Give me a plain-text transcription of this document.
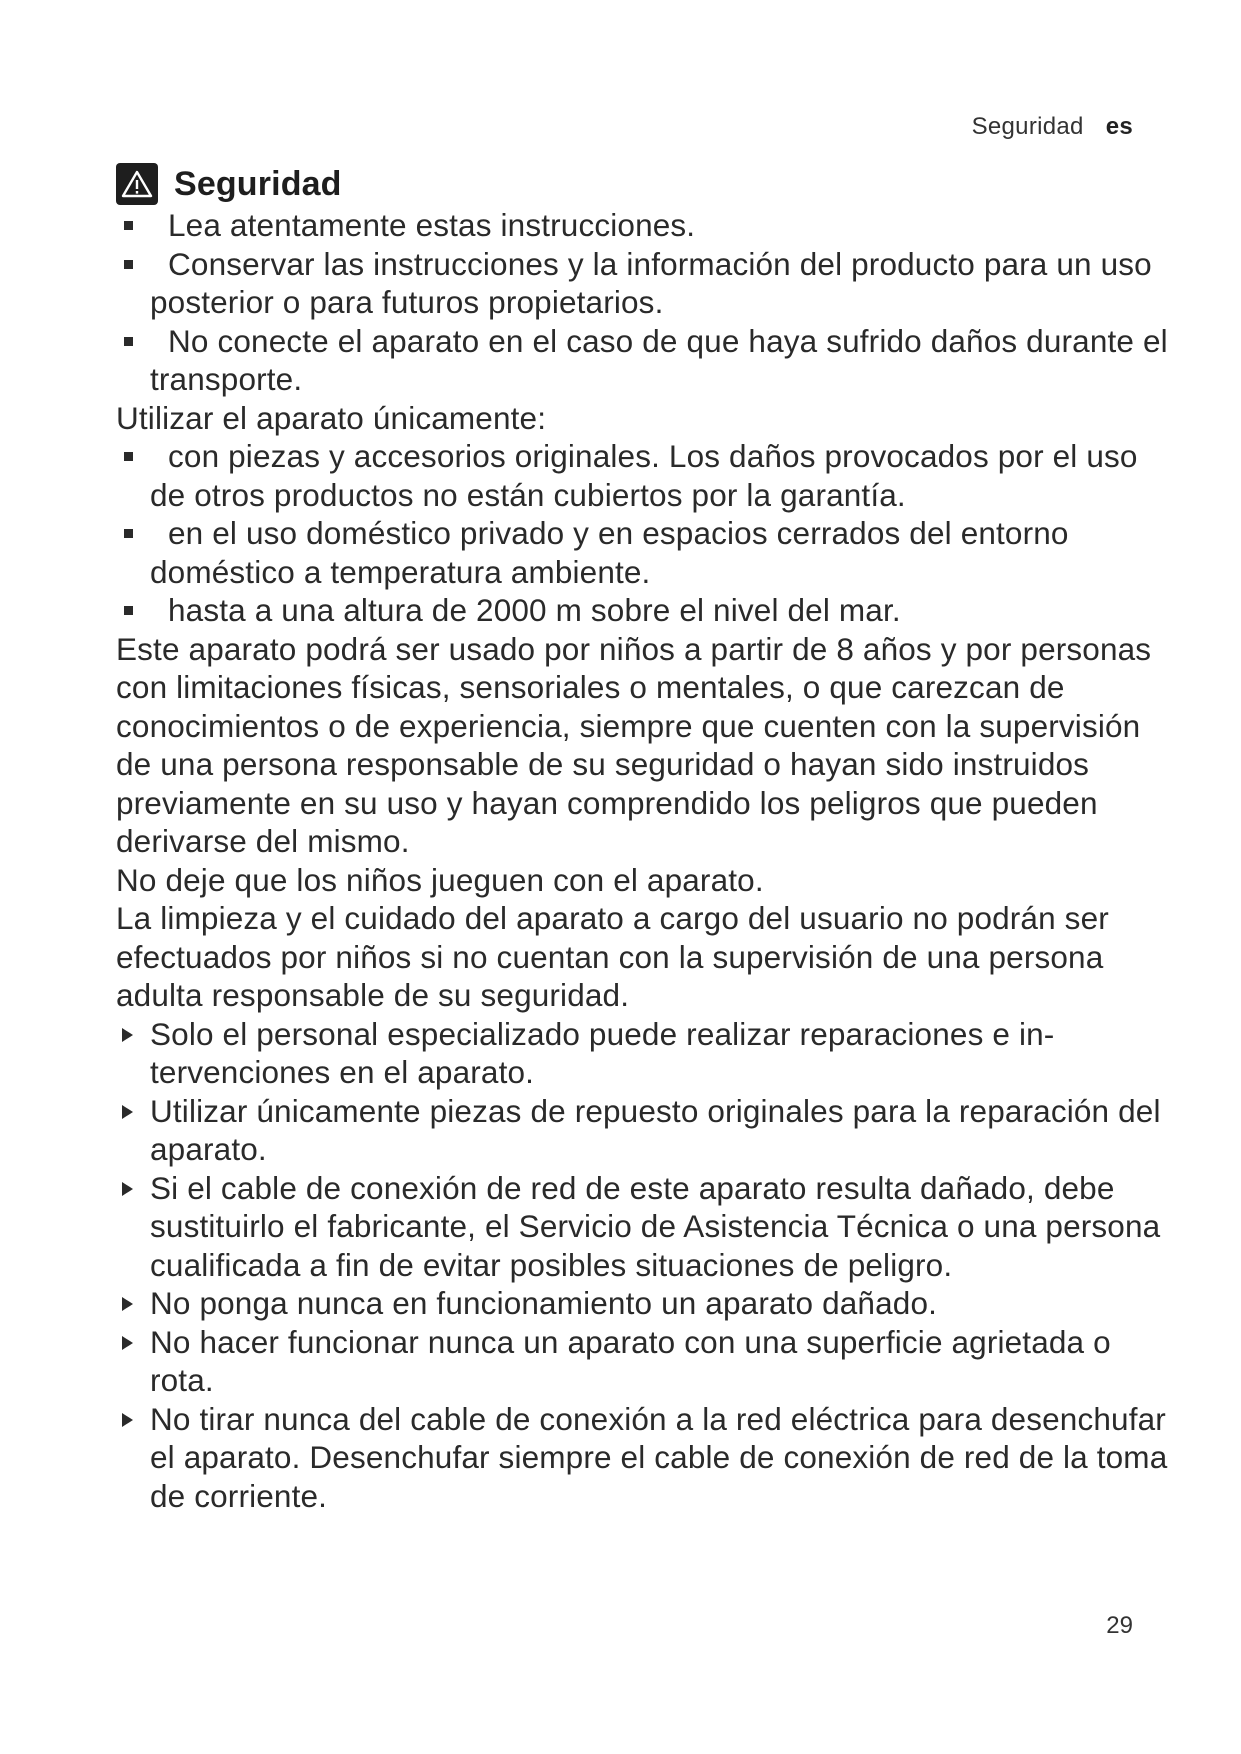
Seguridad es
Seguridad
Lea atentamente estas instrucciones.
Conservar las instrucciones y la información del producto para un uso posterior o para futuros propietarios.
No conecte el aparato en el caso de que haya sufrido daños durante el transporte.

Utilizar el aparato únicamente:

con piezas y accesorios originales. Los daños provocados por el uso de otros productos no están cubiertos por la garantía.
en el uso doméstico privado y en espacios cerrados del entorno doméstico a temperatura ambiente.
hasta a una altura de 2000 m sobre el nivel del mar.

Este aparato podrá ser usado por niños a partir de 8 años y por personas con limitaciones físicas, sensoriales o mentales, o que carezcan de conocimientos o de experiencia, siempre que cuenten con la supervisión de una persona responsable de su seguridad o hayan sido instruidos previamente en su uso y hayan comprendido los peligros que pueden derivarse del mismo.

No deje que los niños jueguen con el aparato.

La limpieza y el cuidado del aparato a cargo del usuario no podrán ser efectuados por niños si no cuentan con la supervisión de una persona adulta responsable de su seguridad.

Solo el personal especializado puede realizar reparaciones e intervenciones en el aparato.
Utilizar únicamente piezas de repuesto originales para la reparación del aparato.
Si el cable de conexión de red de este aparato resulta dañado, debe sustituirlo el fabricante, el Servicio de Asistencia Técnica o una persona cualificada a fin de evitar posibles situaciones de peligro.
No ponga nunca en funcionamiento un aparato dañado.
No hacer funcionar nunca un aparato con una superficie agrietada o rota.
No tirar nunca del cable de conexión a la red eléctrica para desenchufar el aparato. Desenchufar siempre el cable de conexión de red de la toma de corriente.
29
